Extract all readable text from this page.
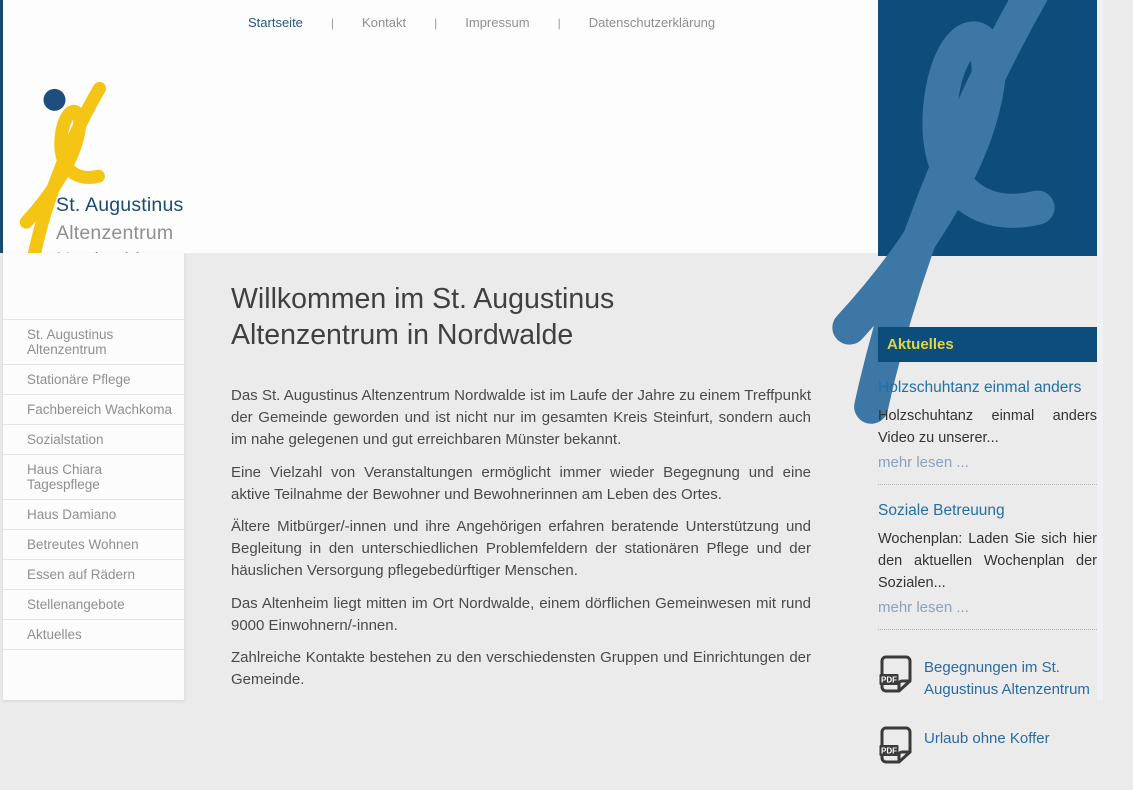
Startseite | Kontakt | Impressum | Datenschutzerklärung
St. Augustinus
Altenzentrum
St. Augustinus Altenzentrum
Stationäre Pflege
Fachbereich Wachkoma
Sozialstation
Haus Chiara Tagespflege
Haus Damiano
Betreutes Wohnen
Essen auf Rädern
Stellenangebote
Aktuelles
Willkommen im St. Augustinus Altenzentrum in Nordwalde

Das St. Augustinus Altenzentrum Nordwalde ist im Laufe der Jahre zu einem Treffpunkt der Gemeinde geworden und ist nicht nur im gesamten Kreis Steinfurt, sondern auch im nahe gelegenen und gut erreichbaren Münster bekannt.

Eine Vielzahl von Veranstaltungen ermöglicht immer wieder Begegnung und eine aktive Teilnahme der Bewohner und Bewohnerinnen am Leben des Ortes.

Ältere Mitbürger/-innen und ihre Angehörigen erfahren beratende Unterstützung und Begleitung in den unterschiedlichen Problemfeldern der stationären Pflege und der häuslichen Versorgung pflegebedürftiger Menschen.

Das Altenheim liegt mitten im Ort Nordwalde, einem dörflichen Gemeinwesen mit rund 9000 Einwohnern/-innen.

Zahlreiche Kontakte bestehen zu den verschiedensten Gruppen und Einrichtungen der Gemeinde.

Aktuelles
Holzschuhtanz einmal anders
Holzschuhtanz einmal anders Video zu unserer...
mehr lesen ...
Soziale Betreuung
Wochenplan: Laden Sie sich hier den aktuellen Wochenplan der Sozialen...
mehr lesen ...
PDF
Begegnungen im St. Augustinus Altenzentrum
PDF
Urlaub ohne Koffer
